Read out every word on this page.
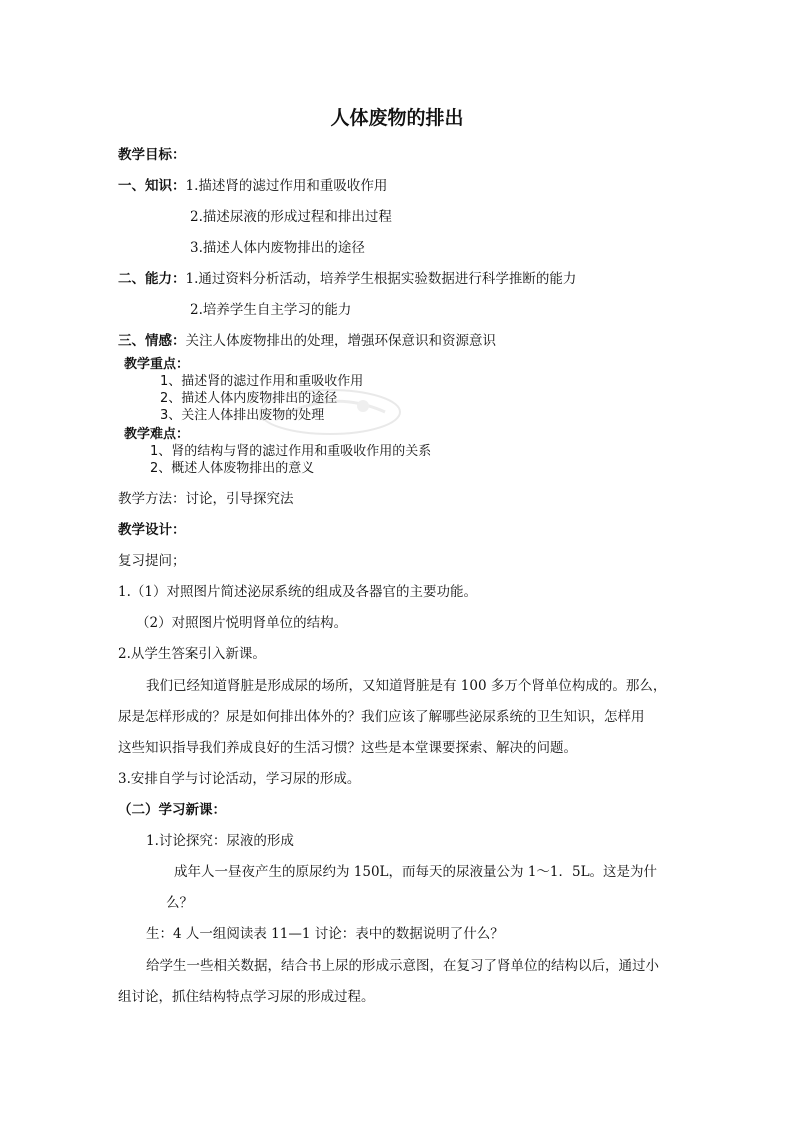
人体废物的排出
教学目标：
一、知识：1.描述肾的滤过作用和重吸收作用
2.描述尿液的形成过程和排出过程
3.描述人体内废物排出的途径
二、能力：1.通过资料分析活动，培养学生根据实验数据进行科学推断的能力
2.培养学生自主学习的能力
三、情感：关注人体废物排出的处理，增强环保意识和资源意识
教学重点：
1、描述肾的滤过作用和重吸收作用
2、描述人体内废物排出的途径
3、关注人体排出废物的处理
教学难点：
1、肾的结构与肾的滤过作用和重吸收作用的关系
2、概述人体废物排出的意义
教学方法：讨论，引导探究法
教学设计：
复习提问；
1.（1）对照图片简述泌尿系统的组成及各器官的主要功能。
（2）对照图片悦明肾单位的结构。
2.从学生答案引入新课。
我们已经知道肾脏是形成尿的场所，又知道肾脏是有 100 多万个肾单位构成的。那么，
尿是怎样形成的？尿是如何排出体外的？我们应该了解哪些泌尿系统的卫生知识，怎样用
这些知识指导我们养成良好的生活习惯？这些是本堂课要探索、解决的问题。
3.安排自学与讨论活动，学习尿的形成。
（二）学习新课：
1.讨论探究：尿液的形成
成年人一昼夜产生的原尿约为 150L，而每天的尿液量公为 1～1．5L。这是为什
么？
生：4 人一组阅读表 11—1 讨论：表中的数据说明了什么？
给学生一些相关数据，结合书上尿的形成示意图，在复习了肾单位的结构以后，通过小
组讨论，抓住结构特点学习尿的形成过程。
